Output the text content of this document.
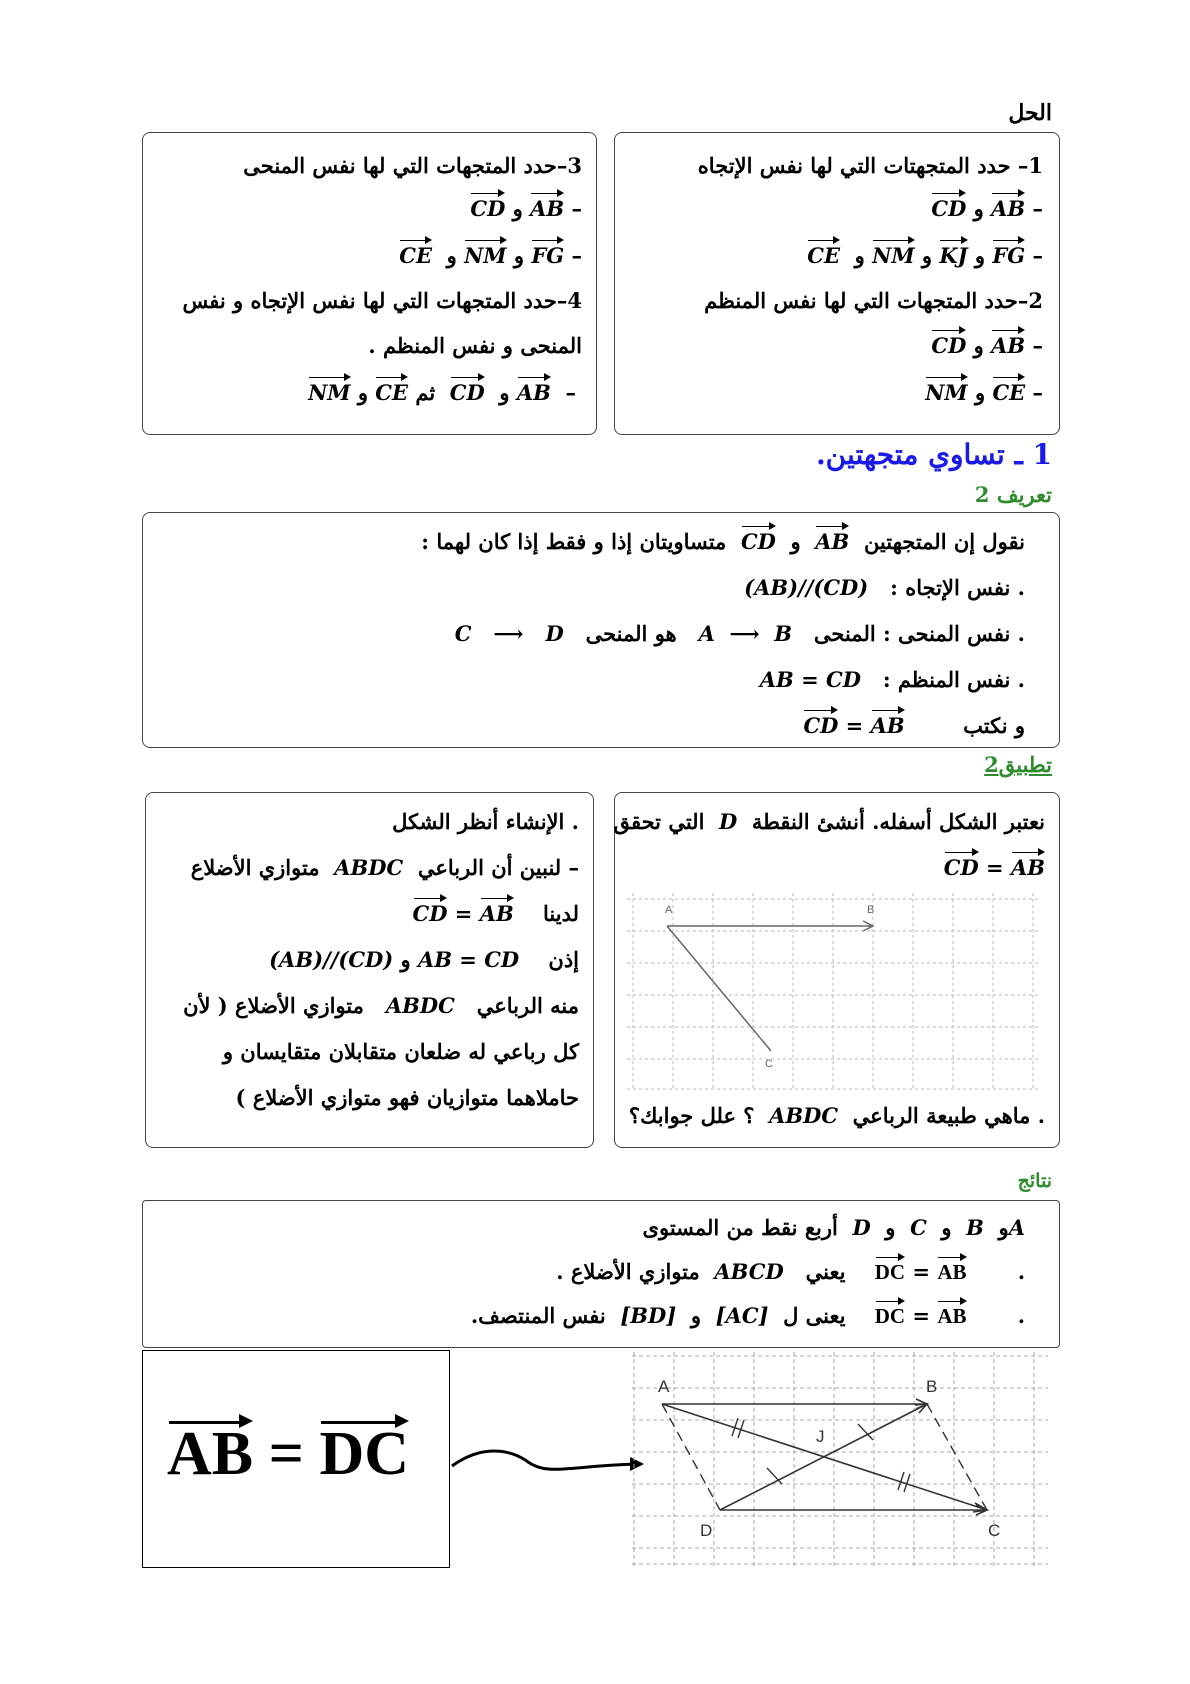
الحل
1– حدد المتجهتات التي لها نفس الإتجاه
– AB و CD
– FG و KJ و NM و  CE
2–حدد المتجهات التي لها نفس المنظم
– AB و CD
– CE و NM
3–حدد المتجهات التي لها نفس المنحى
– AB و CD
– FG و NM و  CE
4–حدد المتجهات التي لها نفس الإتجاه و نفس
المنحى و نفس المنظم .
–  AB و  CD  ثم CE و NM
1 ـ تساوي متجهتين.
تعريف 2
نقول إن المتجهتين  AB  و  CD  متساويتان إذا و فقط إذا كان لهما :
. نفس الإتجاه :   (AB)//(CD)
. نفس المنحى : المنحى   A  ⟶  B   هو المنحى   C   ⟶   D
. نفس المنظم :   AB = CD
و نكتب        AB = CD
تطبيق2
نعتبر الشكل أسفله. أنشئ النقطة  D  التي تحقق
AB = CD
A	B
C
. ماهي طبيعة الرباعي  ABDC  ؟ علل جوابك؟
. الإنشاء أنظر الشكل
– لنبين أن الرباعي  ABDC  متوازي الأضلاع
لدينا    AB = CD
إذن    AB = CD و (AB)//(CD)
منه الرباعي   ABDC   متوازي الأضلاع ( لأن
كل رباعي له ضلعان متقابلان متقايسان و
حاملاهما متوازيان فهو متوازي الأضلاع )
نتائج
Aو  B  و  C  و  D  أربع نقط من المستوى
.       AB = DC    يعني   ABCD  متوازي الأضلاع .
.       AB = DC    يعنى ل  [AC]  و  [BD]  نفس المنتصف.
AB = DC
A	B
C
D
J
